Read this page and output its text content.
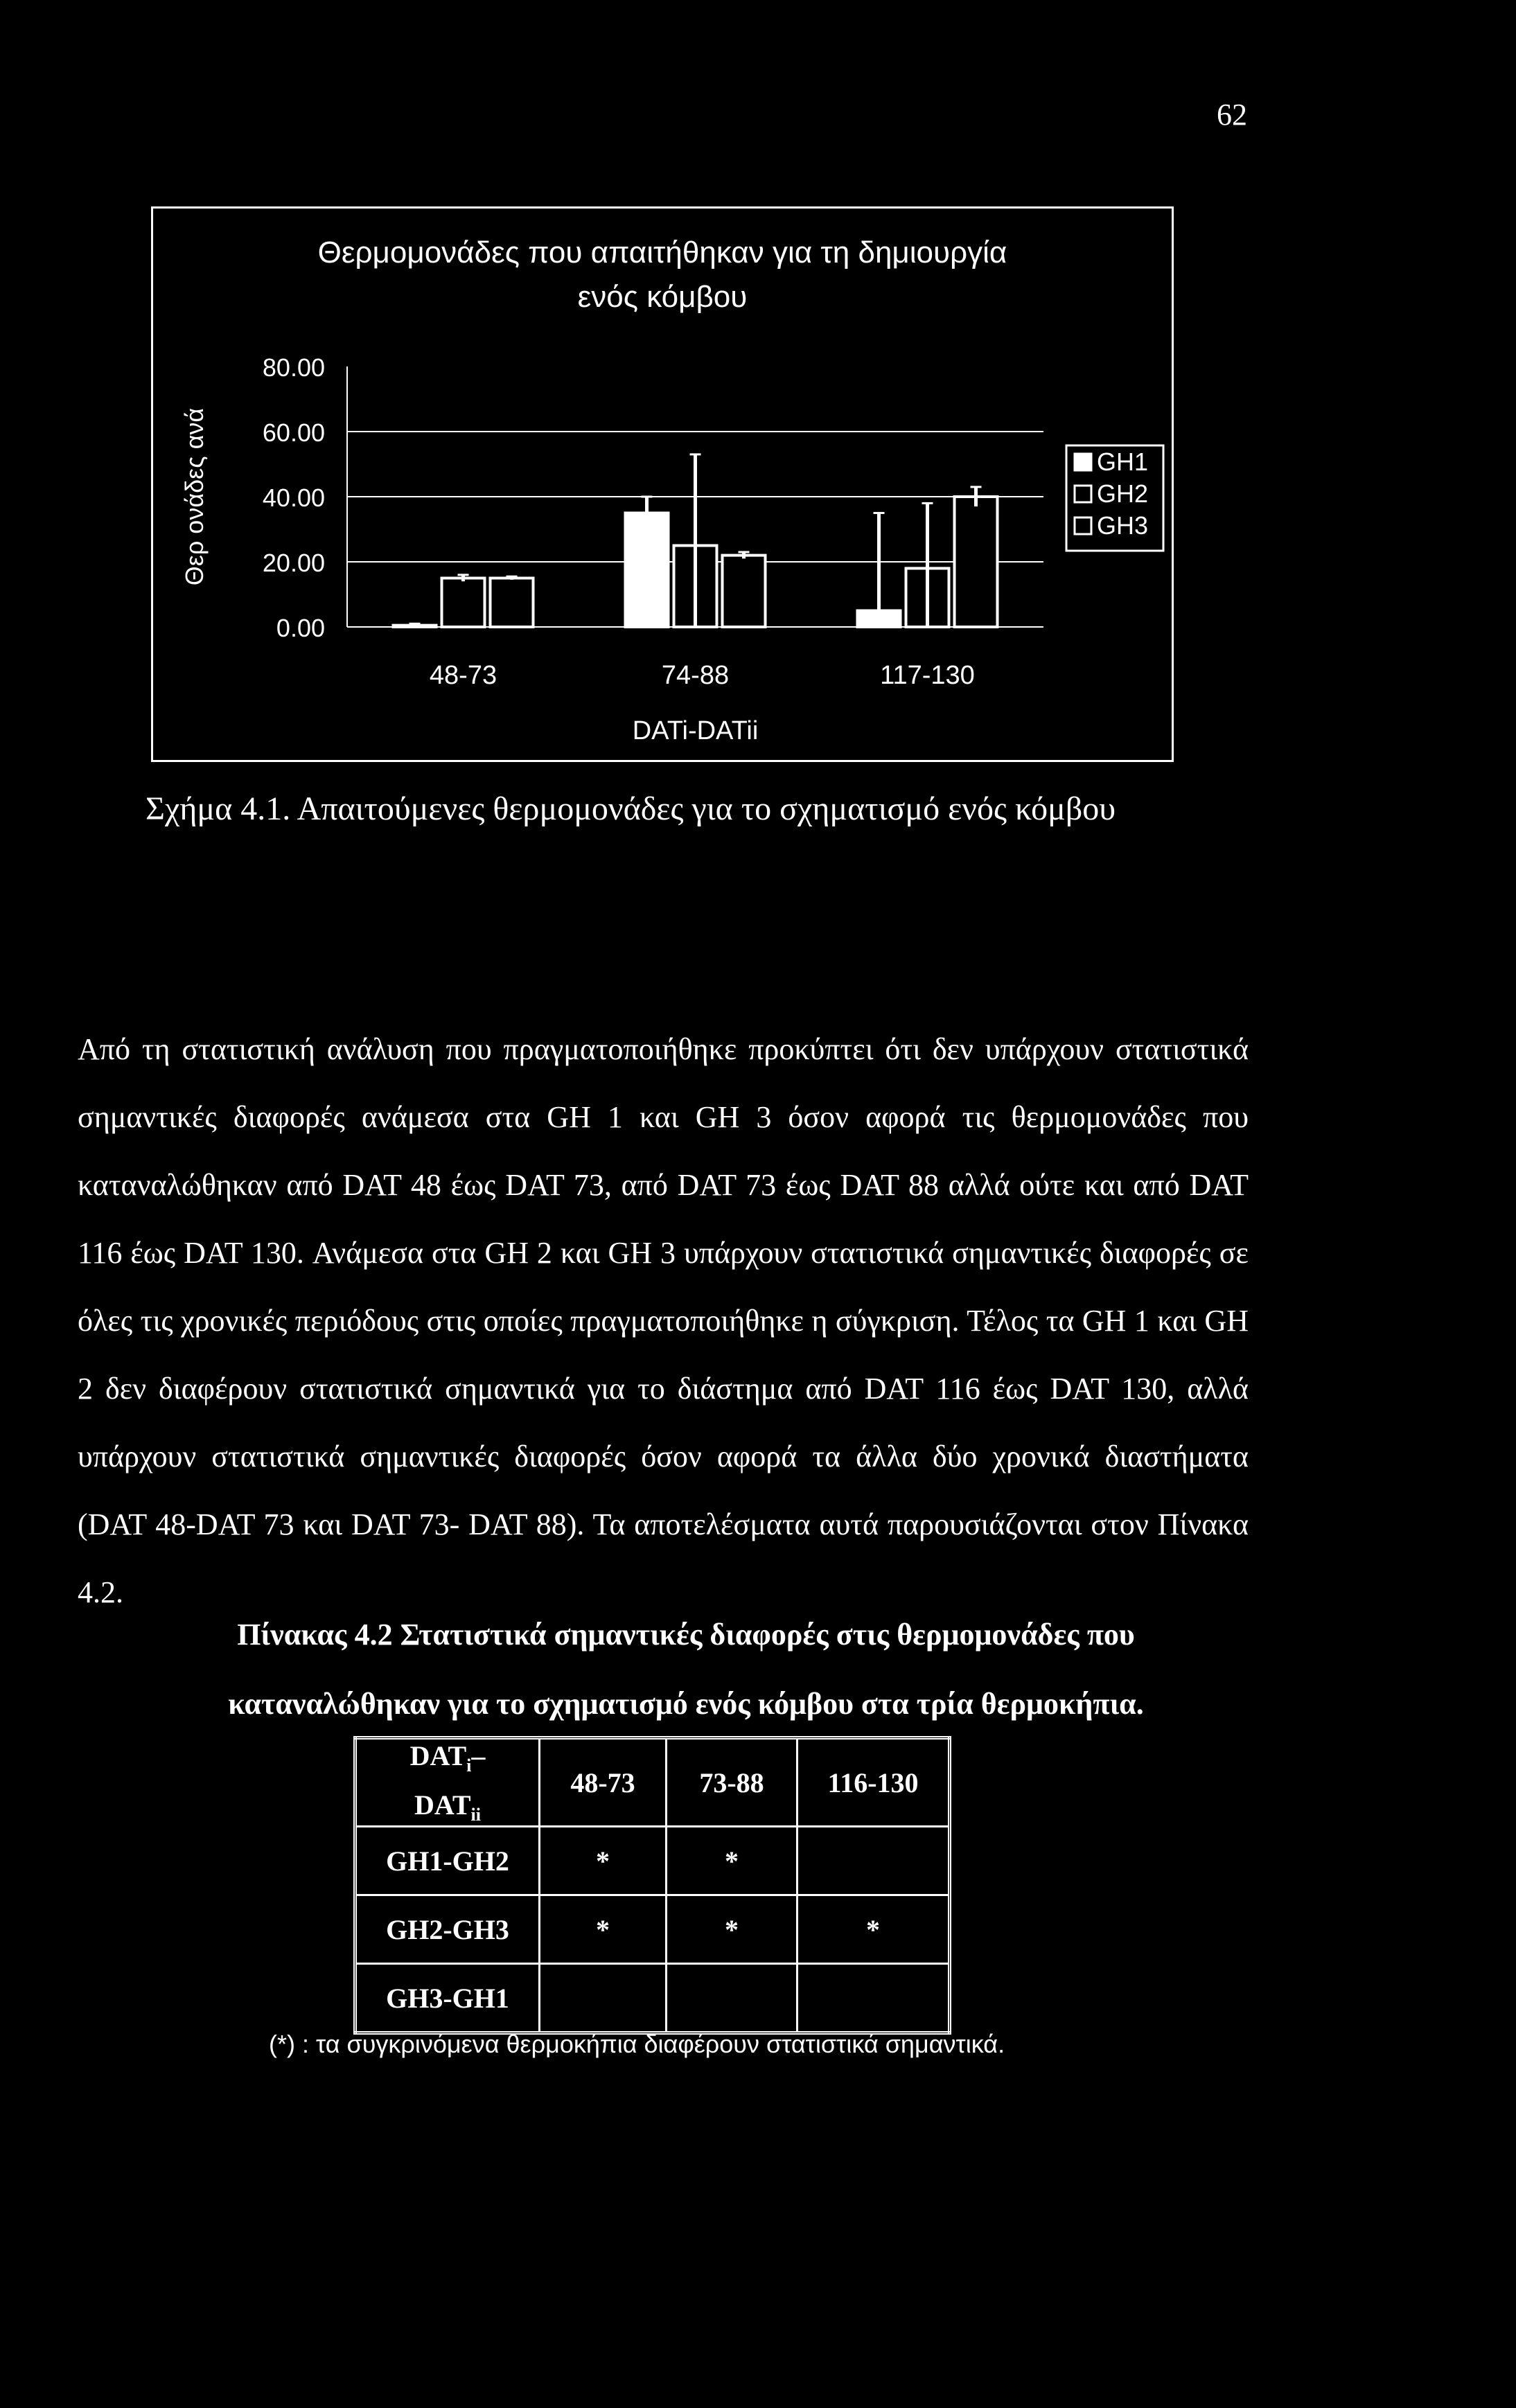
62
Θερμομονάδες που απαιτήθηκαν για τη δημιουργία
ενός κόμβου
0.00
20.00
40.00
60.00
80.00
Θερ ονάδες ανά
48-73	74-88	117-130
DATi-DATii
GH1
GH2
GH3
Σχήμα 4.1. Απαιτούμενες θερμομονάδες για το σχηματισμό ενός κόμβου
Από τη στατιστική ανάλυση που πραγματοποιήθηκε προκύπτει ότι δεν υπάρχουν στατιστικά σημαντικές διαφορές ανάμεσα στα GH 1 και GH 3 όσον αφορά τις θερμομονάδες που καταναλώθηκαν από DAT 48 έως DAT 73, από DAT 73 έως DAT 88 αλλά ούτε και από DAT 116 έως DAT 130. Ανάμεσα στα GH 2 και GH 3 υπάρχουν στατιστικά σημαντικές διαφορές σε όλες τις χρονικές περιόδους στις οποίες πραγματοποιήθηκε η σύγκριση. Τέλος τα GH 1 και GH 2 δεν διαφέρουν στατιστικά σημαντικά για το διάστημα από DAT 116 έως DAT 130, αλλά υπάρχουν στατιστικά σημαντικές διαφορές όσον αφορά τα άλλα δύο χρονικά διαστήματα (DAT 48-DAT 73 και DAT 73- DAT 88). Τα αποτελέσματα αυτά παρουσιάζονται στον Πίνακα 4.2.
Πίνακας 4.2 Στατιστικά σημαντικές διαφορές στις θερμομονάδες που καταναλώθηκαν για το σχηματισμό ενός κόμβου στα τρία θερμοκήπια.
$DAT_i-$
$DAT_{ii}$	48-73	73-88	116-130
GH1-GH2	*	*	
GH2-GH3	*	*	*
GH3-GH1			
(*) : τα συγκρινόμενα θερμοκήπια διαφέρουν στατιστικά σημαντικά.
